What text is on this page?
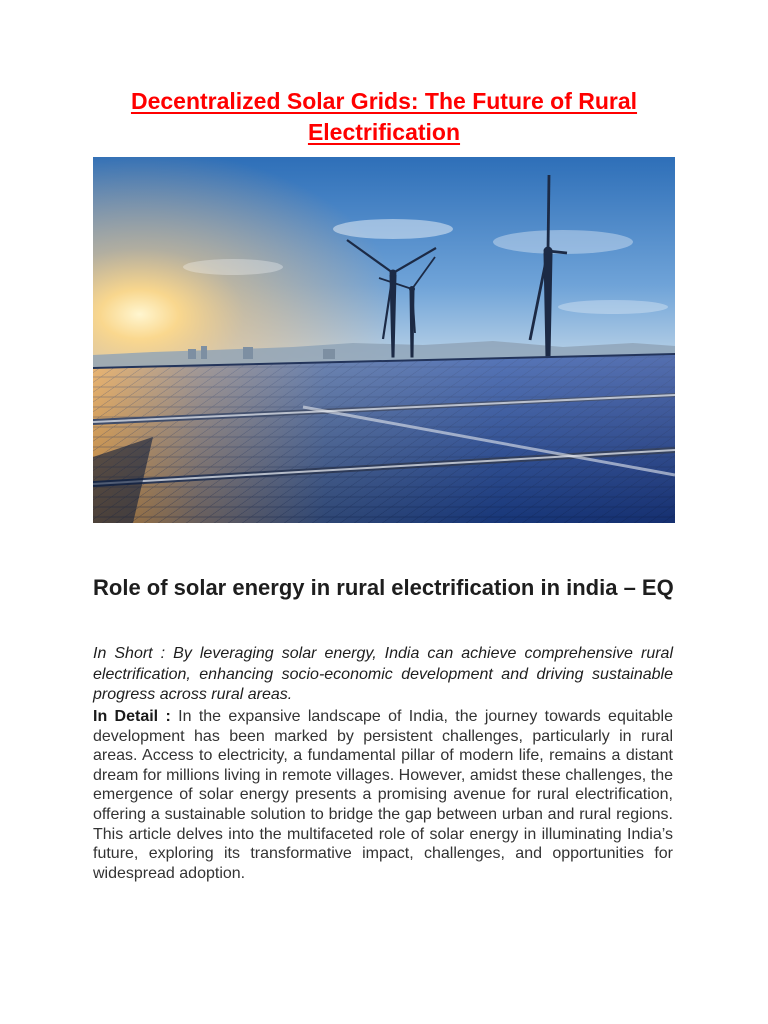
Decentralized Solar Grids: The Future of Rural Electrification
Role of solar energy in rural electrification in india – EQ

In Short : By leveraging solar energy, India can achieve comprehensive rural electrification, enhancing socio-economic development and driving sustainable progress across rural areas.

In Detail : In the expansive landscape of India, the journey towards equitable development has been marked by persistent challenges, particularly in rural areas. Access to electricity, a fundamental pillar of modern life, remains a distant dream for millions living in remote villages. However, amidst these challenges, the emergence of solar energy presents a promising avenue for rural electrification, offering a sustainable solution to bridge the gap between urban and rural regions. This article delves into the multifaceted role of solar energy in illuminating India’s future, exploring its transformative impact, challenges, and opportunities for widespread adoption.
